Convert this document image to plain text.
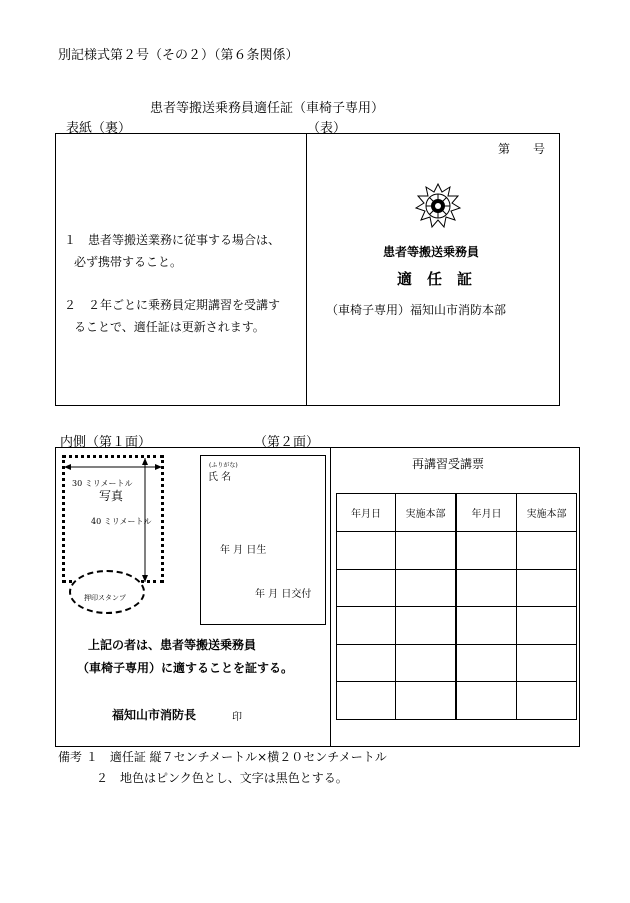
別記様式第２号（その２）（第６条関係）
患者等搬送乗務員適任証（車椅子専用）
表紙（裏）	（表）
１　患者等搬送業務に従事する場合は、
必ず携帯すること。
２　２年ごとに乗務員定期講習を受講す
ることで、適任証は更新されます。
第 号
患者等搬送乗務員
適　任　証
（車椅子専用）福知山市消防本部
内側（第１面）	（第２面）
30 ミリメートル
写真
40 ミリメートル
押印スタンプ
(ふりがな)
氏 名
年 月 日生
年 月 日交付
上記の者は、患者等搬送乗務員
（車椅子専用）に適することを証する。
福知山市消防長	印
再講習受講票
年月日	実施本部	年月日	実施本部

備考 １　適任証 縦７センチメートル×横２０センチメートル
２　地色はピンク色とし、文字は黒色とする。
